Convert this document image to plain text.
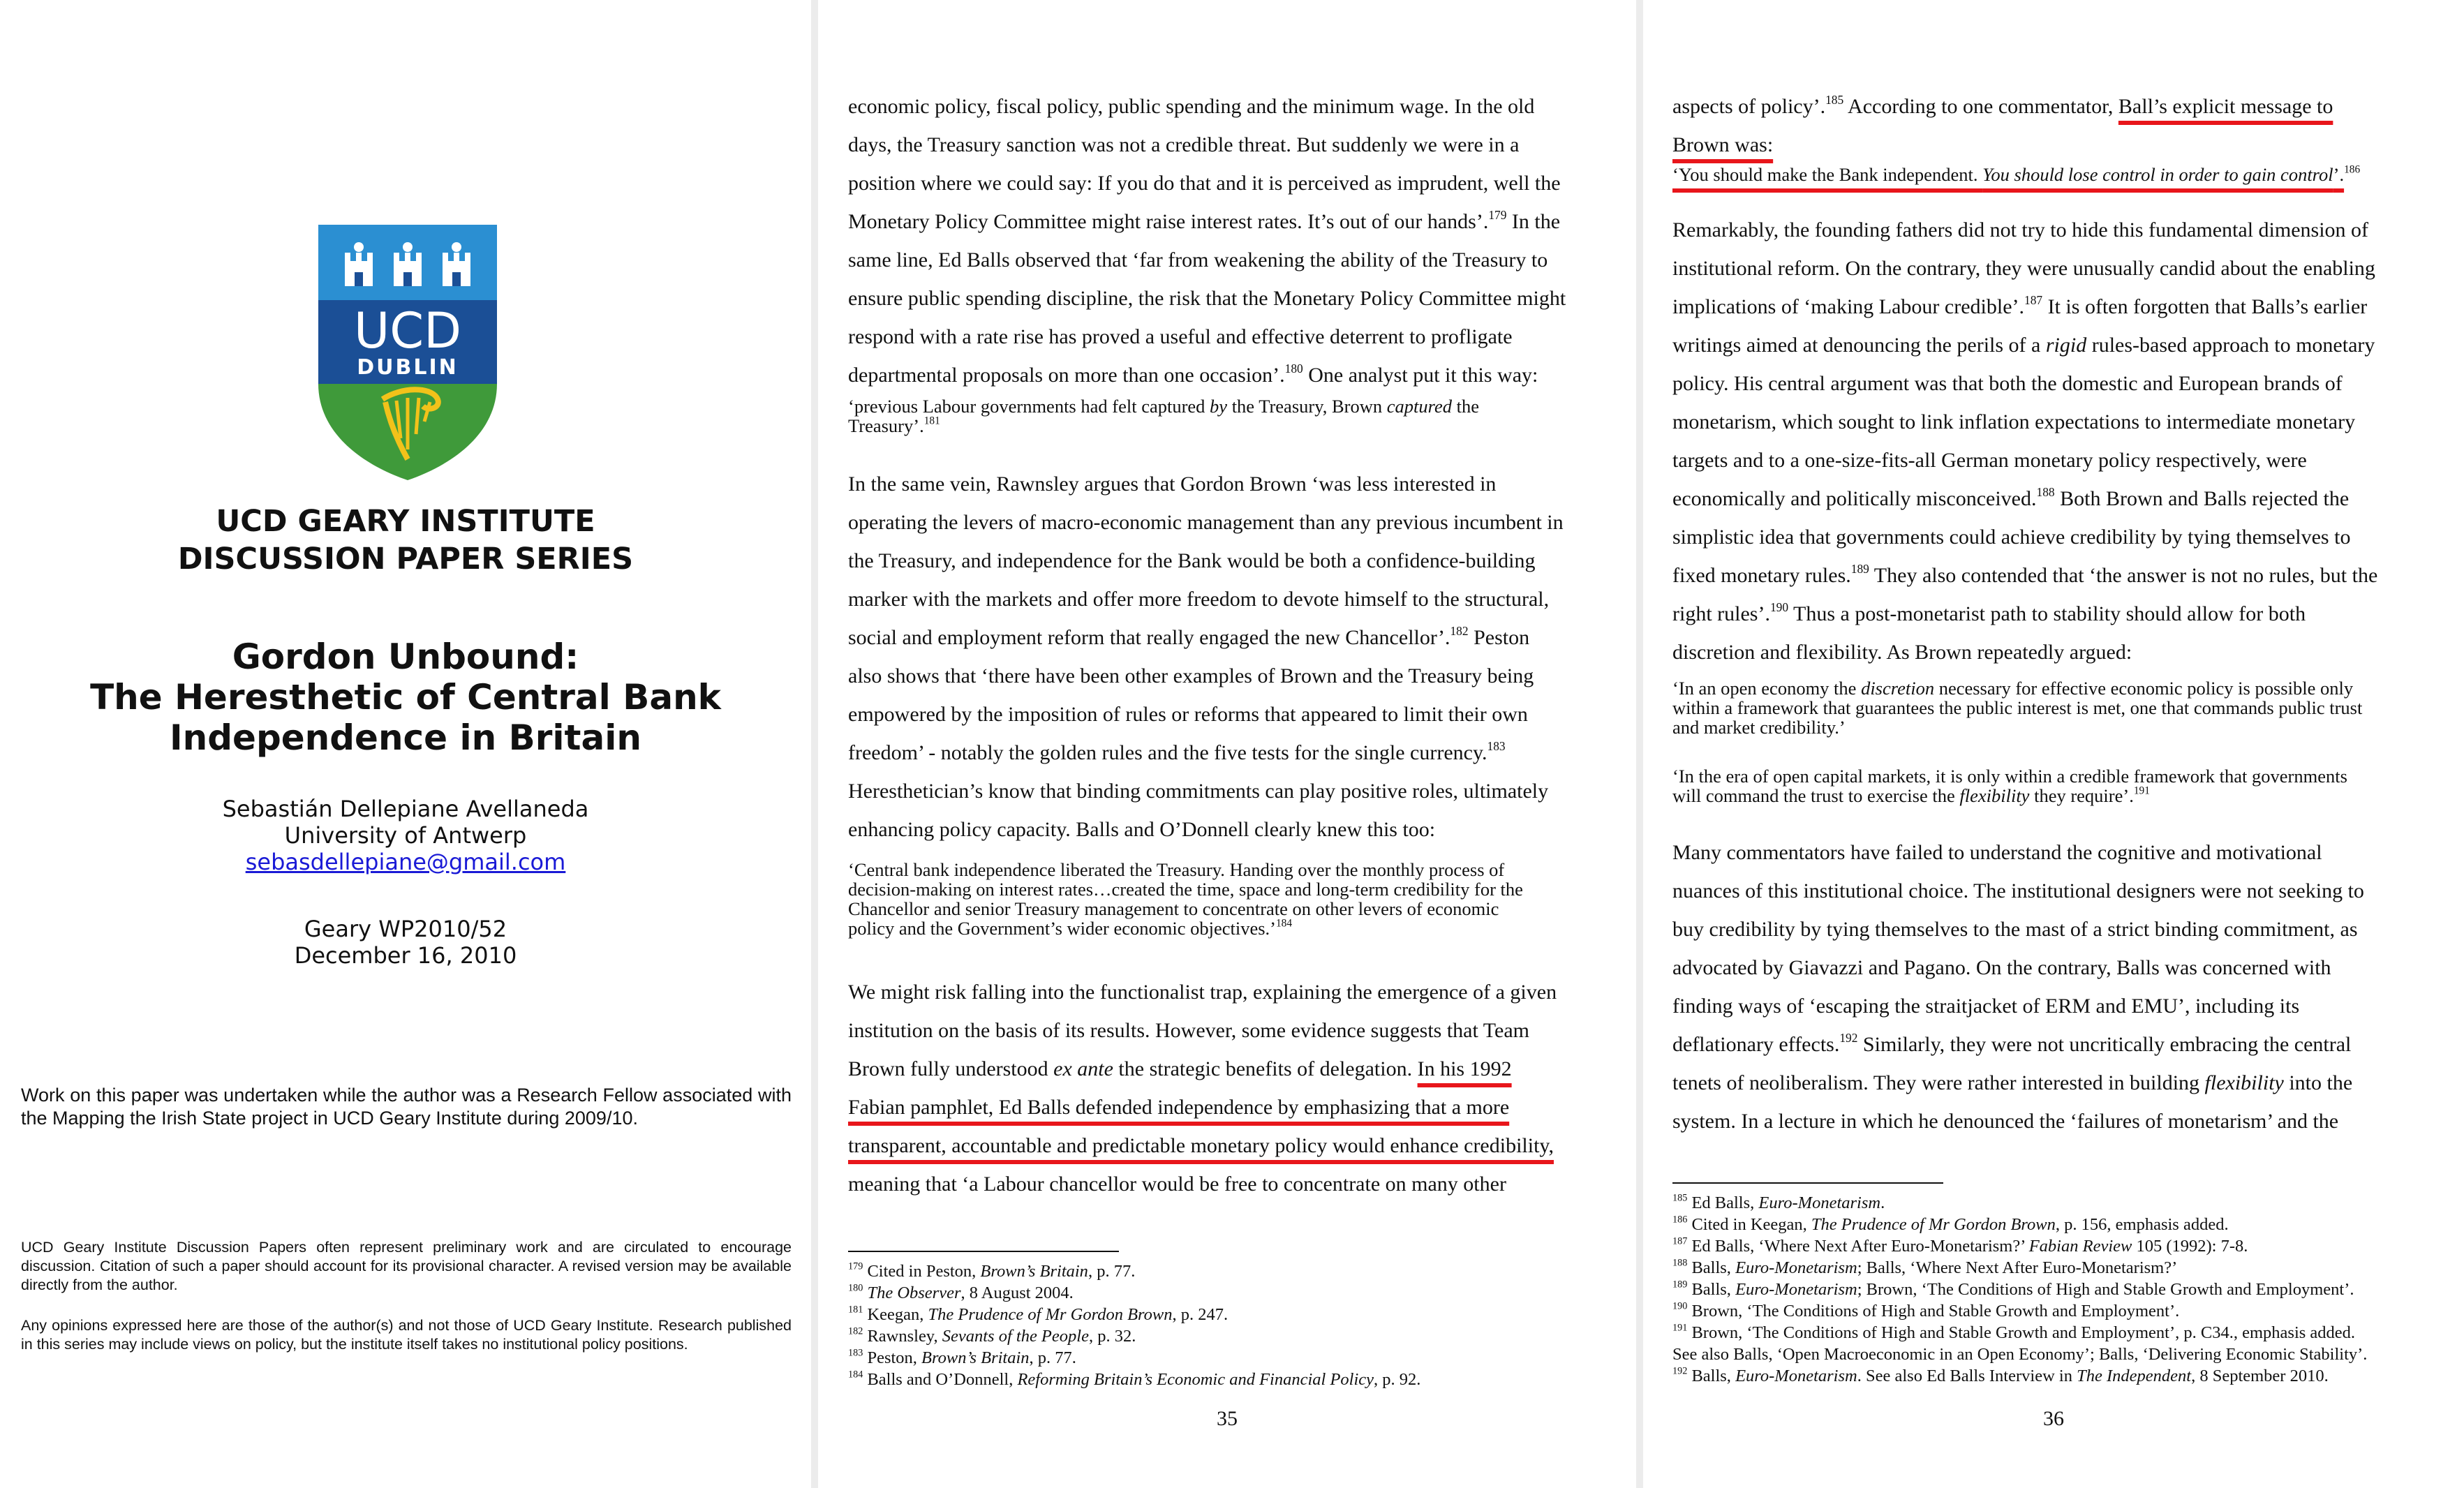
UCD
DUBLIN
UCD GEARY INSTITUTE
DISCUSSION PAPER SERIES
Gordon Unbound:
The Heresthetic of Central Bank
Independence in Britain
Sebastián Dellepiane Avellaneda
University of Antwerp
sebasdellepiane@gmail.com
Geary WP2010/52
December 16, 2010
Work on this paper was undertaken while the author was a Research Fellow associated with the Mapping the Irish State project in UCD Geary Institute during 2009/10.
UCD Geary Institute Discussion Papers often represent preliminary work and are circulated to encourage discussion. Citation of such a paper should account for its provisional character. A revised version may be available directly from the author.
Any opinions expressed here are those of the author(s) and not those of UCD Geary Institute. Research published in this series may include views on policy, but the institute itself takes no institutional policy positions.

economic policy, fiscal policy, public spending and the minimum wage. In the old
days, the Treasury sanction was not a credible threat. But suddenly we were in a
position where we could say: If you do that and it is perceived as imprudent, well the
Monetary Policy Committee might raise interest rates. It’s out of our hands’.$^{179}$ In the
same line, Ed Balls observed that ‘far from weakening the ability of the Treasury to
ensure public spending discipline, the risk that the Monetary Policy Committee might
respond with a rate rise has proved a useful and effective deterrent to profligate
departmental proposals on more than one occasion’.$^{180}$ One analyst put it this way:

‘previous Labour governments had felt captured by the Treasury, Brown captured the
Treasury’.$^{181}$

In the same vein, Rawnsley argues that Gordon Brown ‘was less interested in
operating the levers of macro-economic management than any previous incumbent in
the Treasury, and independence for the Bank would be both a confidence-building
marker with the markets and offer more freedom to devote himself to the structural,
social and employment reform that really engaged the new Chancellor’.$^{182}$ Peston
also shows that ‘there have been other examples of Brown and the Treasury being
empowered by the imposition of rules or reforms that appeared to limit their own
freedom’ - notably the golden rules and the five tests for the single currency.$^{183}$
Heresthetician’s know that binding commitments can play positive roles, ultimately
enhancing policy capacity. Balls and O’Donnell clearly knew this too:

‘Central bank independence liberated the Treasury. Handing over the monthly process of
decision-making on interest rates…created the time, space and long-term credibility for the
Chancellor and senior Treasury management to concentrate on other levers of economic
policy and the Government’s wider economic objectives.’$^{184}$

We might risk falling into the functionalist trap, explaining the emergence of a given
institution on the basis of its results. However, some evidence suggests that Team
Brown fully understood ex ante the strategic benefits of delegation. In his 1992
Fabian pamphlet, Ed Balls defended independence by emphasizing that a more
transparent, accountable and predictable monetary policy would enhance credibility,
meaning that ‘a Labour chancellor would be free to concentrate on many other

$^{179}$ Cited in Peston, Brown’s Britain, p. 77.
$^{180}$ The Observer, 8 August 2004.
$^{181}$ Keegan, The Prudence of Mr Gordon Brown, p. 247.
$^{182}$ Rawnsley, Sevants of the People, p. 32.
$^{183}$ Peston, Brown’s Britain, p. 77.
$^{184}$ Balls and O’Donnell, Reforming Britain’s Economic and Financial Policy, p. 92.

35

aspects of policy’.$^{185}$ According to one commentator, Ball’s explicit message to
Brown was:

‘You should make the Bank independent. You should lose control in order to gain control’.$^{186}$

Remarkably, the founding fathers did not try to hide this fundamental dimension of
institutional reform. On the contrary, they were unusually candid about the enabling
implications of ‘making Labour credible’.$^{187}$ It is often forgotten that Balls’s earlier
writings aimed at denouncing the perils of a rigid rules-based approach to monetary
policy. His central argument was that both the domestic and European brands of
monetarism, which sought to link inflation expectations to intermediate monetary
targets and to a one-size-fits-all German monetary policy respectively, were
economically and politically misconceived.$^{188}$ Both Brown and Balls rejected the
simplistic idea that governments could achieve credibility by tying themselves to
fixed monetary rules.$^{189}$ They also contended that ‘the answer is not no rules, but the
right rules’.$^{190}$ Thus a post-monetarist path to stability should allow for both
discretion and flexibility. As Brown repeatedly argued:

‘In an open economy the discretion necessary for effective economic policy is possible only
within a framework that guarantees the public interest is met, one that commands public trust
and market credibility.’

‘In the era of open capital markets, it is only within a credible framework that governments
will command the trust to exercise the flexibility they require’.$^{191}$

Many commentators have failed to understand the cognitive and motivational
nuances of this institutional choice. The institutional designers were not seeking to
buy credibility by tying themselves to the mast of a strict binding commitment, as
advocated by Giavazzi and Pagano. On the contrary, Balls was concerned with
finding ways of ‘escaping the straitjacket of ERM and EMU’, including its
deflationary effects.$^{192}$ Similarly, they were not uncritically embracing the central
tenets of neoliberalism. They were rather interested in building flexibility into the
system. In a lecture in which he denounced the ‘failures of monetarism’ and the

$^{185}$ Ed Balls, Euro-Monetarism.
$^{186}$ Cited in Keegan, The Prudence of Mr Gordon Brown, p. 156, emphasis added.
$^{187}$ Ed Balls, ‘Where Next After Euro-Monetarism?’ Fabian Review 105 (1992): 7-8.
$^{188}$ Balls, Euro-Monetarism; Balls, ‘Where Next After Euro-Monetarism?’
$^{189}$ Balls, Euro-Monetarism; Brown, ‘The Conditions of High and Stable Growth and Employment’.
$^{190}$ Brown, ‘The Conditions of High and Stable Growth and Employment’.
$^{191}$ Brown, ‘The Conditions of High and Stable Growth and Employment’, p. C34., emphasis added.
See also Balls, ‘Open Macroeconomic in an Open Economy’; Balls, ‘Delivering Economic Stability’.
$^{192}$ Balls, Euro-Monetarism. See also Ed Balls Interview in The Independent, 8 September 2010.

36
